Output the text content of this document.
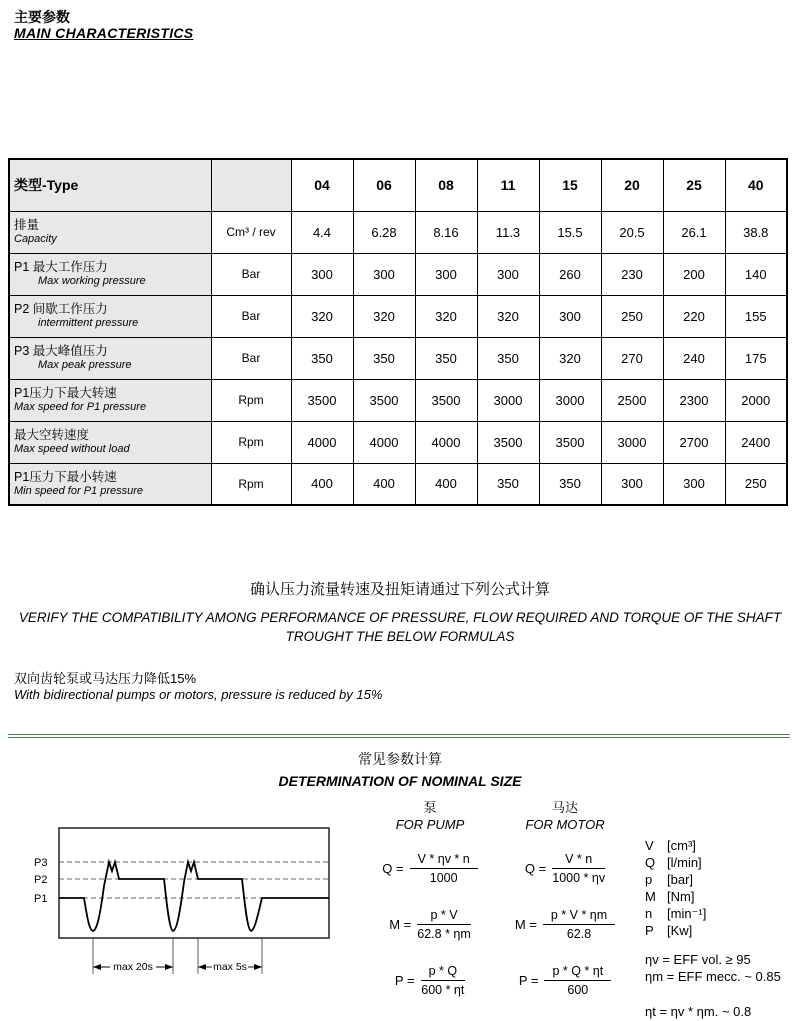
主要参数
MAIN CHARACTERISTICS
类型-Type		04	06	08	11	15	20	25	40

排量
Capacity	Cm³ / rev	4.4	6.28	8.16	11.3	15.5	20.5	26.1	38.8

P1 最大工作压力
Max working pressure	Bar	300	300	300	300	260	230	200	140

P2 间歇工作压力
intermittent pressure	Bar	320	320	320	320	300	250	220	155

P3 最大峰值压力
Max peak pressure	Bar	350	350	350	350	320	270	240	175

P1压力下最大转速
Max speed for P1 pressure	Rpm	3500	3500	3500	3000	3000	2500	2300	2000

最大空转速度
Max speed without load	Rpm	4000	4000	4000	3500	3500	3000	2700	2400

P1压力下最小转速
Min speed for P1 pressure	Rpm	400	400	400	350	350	300	300	250
确认压力流量转速及扭矩请通过下列公式计算
VERIFY THE COMPATIBILITY AMONG PERFORMANCE OF PRESSURE, FLOW REQUIRED AND TORQUE OF THE SHAFT TROUGHT THE BELOW FORMULAS
双向齿轮泵或马达压力降低15%
With bidirectional pumps or motors, pressure is reduced by 15%
常见参数计算
DETERMINATION OF NOMINAL SIZE
P3
P2
P1
max 20s	max 5s
泵
FOR PUMP
$Q = \frac{V * \eta v * n}{1000}$
$M = \frac{p * V}{62.8 * \eta m}$
$P = \frac{p * Q}{600 * \eta t}$
马达
FOR MOTOR
$Q = \frac{V * n}{1000 * \eta v}$
$M = \frac{p * V * \eta m}{62.8}$
$P = \frac{p * Q * \eta t}{600}$
V	[cm³]
Q [l/min]
p	[bar]
M [Nm]
n	[min⁻¹]
P	[Kw]
ηv = EFF vol. ≥ 95
ηm = EFF mecc. ~ 0.85
ηt = ηv * ηm. ~ 0.8
